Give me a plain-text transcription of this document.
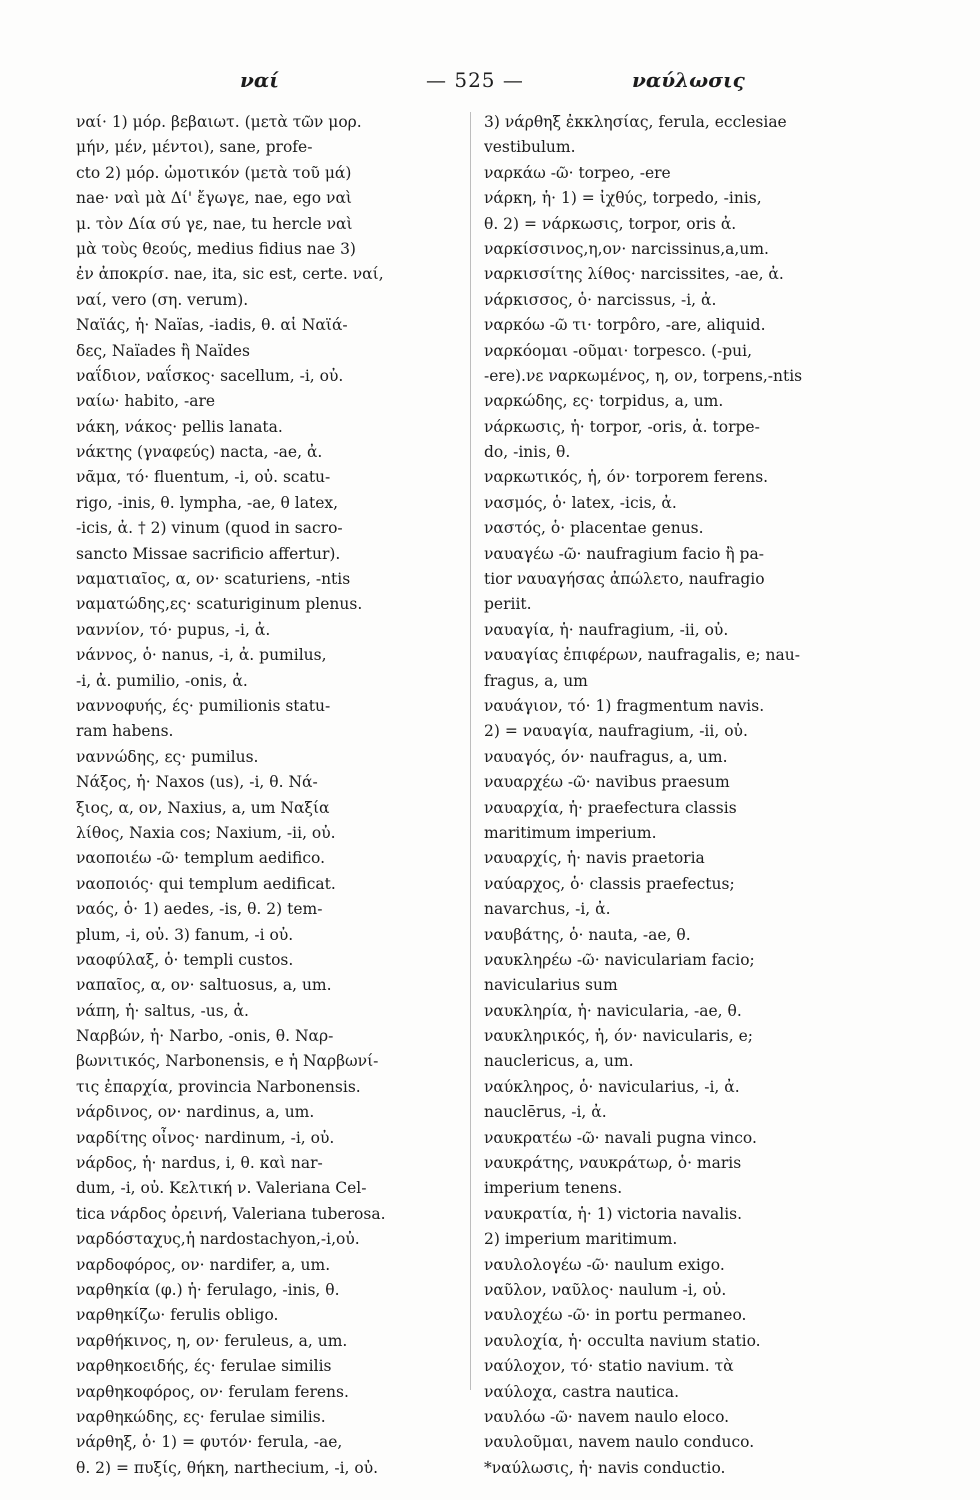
ναί	— 525 —	ναύλωσις
ναί· 1) μόρ. βεβαιωτ. (μετὰ τῶν μορ.
μήν, μέν, μέντοι), sane, profe-
cto 2) μόρ. ὡμοτικόν (μετὰ τοῦ μά)
nae· ναὶ μὰ Δί' ἔγωγε, nae, ego ναὶ
μ. τὸν Δία σύ γε, nae, tu hercle ναὶ
μὰ τοὺς θεούς, medius fidius nae 3)
ἐν ἀποκρίσ. nae, ita, sic est, certe. ναί,
ναί, vero (ση. verum).
Ναϊάς, ἡ· Naïas, -iadis, θ. αἱ Ναϊά-
δες, Naïades ἢ Naïdes
ναΐδιον, ναΐσκος· sacellum, -i, οὐ.
ναίω· habito, -are
νάκη, νάκος· pellis lanata.
νάκτης (γναφεύς) nacta, -ae, ἀ.
νᾶμα, τό· fluentum, -i, οὐ. scatu-
rigo, -inis, θ. lympha, -ae, θ latex,
-icis, ἀ. † 2) vinum (quod in sacro-
sancto Missae sacrificio affertur).
ναματιαῖος, α, ον· scaturiens, -ntis
ναματώδης,ες· scaturiginum plenus.
ναννίον, τό· pupus, -i, ἀ.
νάννος, ὁ· nanus, -i, ἀ. pumilus,
-i, ἀ. pumilio, -onis, ἀ.
ναννοφυής, ές· pumilionis statu-
ram habens.
ναννώδης, ες· pumilus.
Νάξος, ἡ· Naxos (us), -i, θ. Νά-
ξιος, α, ον, Naxius, a, um Ναξία
λίθος, Naxia cos; Naxium, -ii, οὐ.
ναοποιέω -ῶ· templum aedifico.
ναοποιός· qui templum aedificat.
ναός, ὁ· 1) aedes, -is, θ. 2) tem-
plum, -i, οὐ. 3) fanum, -i οὐ.
ναοφύλαξ, ὁ· templi custos.
ναπαῖος, α, ον· saltuosus, a, um.
νάπη, ἡ· saltus, -us, ἀ.
Ναρβών, ἡ· Narbo, -onis, θ. Ναρ-
βωνιτικός, Narbonensis, e ἡ Ναρβωνί-
τις ἐπαρχία, provincia Narbonensis.
νάρδινος, ον· nardinus, a, um.
ναρδίτης οἶνος· nardinum, -i, οὐ.
νάρδος, ἡ· nardus, i, θ. καὶ nar-
dum, -i, οὐ. Κελτική ν. Valeriana Cel-
tica νάρδος ὀρεινή, Valeriana tuberosa.
ναρδόσταχυς,ἡ nardostachyon,-i,οὐ.
ναρδοφόρος, ον· nardifer, a, um.
ναρθηκία (φ.) ἡ· ferulago, -inis, θ.
ναρθηκίζω· ferulis obligo.
ναρθήκινος, η, ον· feruleus, a, um.
ναρθηκοειδής, ές· ferulae similis
ναρθηκοφόρος, ον· ferulam ferens.
ναρθηκώδης, ες· ferulae similis.
νάρθηξ, ὁ· 1) = φυτόν· ferula, -ae,
θ. 2) = πυξίς, θήκη, narthecium, -i, οὐ.
3) νάρθηξ ἐκκλησίας, ferula, ecclesiae
vestibulum.
ναρκάω -ῶ· torpeo, -ere
νάρκη, ἡ· 1) = ἰχθύς, torpedo, -inis,
θ. 2) = νάρκωσις, torpor, oris ἀ.
ναρκίσσινος,η,ον· narcissinus,a,um.
ναρκισσίτης λίθος· narcissites, -ae, ἀ.
νάρκισσος, ὁ· narcissus, -i, ἀ.
ναρκόω -ῶ τι· torpôro, -are, aliquid.
ναρκόομαι -οῦμαι· torpesco. (-pui,
-ere).νε ναρκωμένος, η, ον, torpens,-ntis
ναρκώδης, ες· torpidus, a, um.
νάρκωσις, ἡ· torpor, -oris, ἀ. torpe-
do, -inis, θ.
ναρκωτικός, ἡ, όν· torporem ferens.
νασμός, ὁ· latex, -icis, ἀ.
ναστός, ὁ· placentae genus.
ναυαγέω -ῶ· naufragium facio ἢ pa-
tior ναυαγήσας ἀπώλετο, naufragio
periit.
ναυαγία, ἡ· naufragium, -ii, οὐ.
ναυαγίας ἐπιφέρων, naufragalis, e; nau-
fragus, a, um
ναυάγιον, τό· 1) fragmentum navis.
2) = ναυαγία, naufragium, -ii, οὐ.
ναυαγός, όν· naufragus, a, um.
ναυαρχέω -ῶ· navibus praesum
ναυαρχία, ἡ· praefectura classis
maritimum imperium.
ναυαρχίς, ἡ· navis praetoria
ναύαρχος, ὁ· classis praefectus;
navarchus, -i, ἀ.
ναυβάτης, ὁ· nauta, -ae, θ.
ναυκληρέω -ῶ· naviculariam facio;
navicularius sum
ναυκληρία, ἡ· navicularia, -ae, θ.
ναυκληρικός, ἡ, όν· navicularis, e;
nauclericus, a, um.
ναύκληρος, ὁ· navicularius, -i, ἀ.
nauclērus, -i, ἀ.
ναυκρατέω -ῶ· navali pugna vinco.
ναυκράτης, ναυκράτωρ, ὁ· maris
imperium tenens.
ναυκρατία, ἡ· 1) victoria navalis.
2) imperium maritimum.
ναυλολογέω -ῶ· naulum exigo.
ναῦλον, ναῦλος· naulum -i, οὐ.
ναυλοχέω -ῶ· in portu permaneo.
ναυλοχία, ἡ· occulta navium statio.
ναύλοχον, τό· statio navium. τὰ
ναύλοχα, castra nautica.
ναυλόω -ῶ· navem naulo eloco.
ναυλοῦμαι, navem naulo conduco.
*ναύλωσις, ἡ· navis conductio.
